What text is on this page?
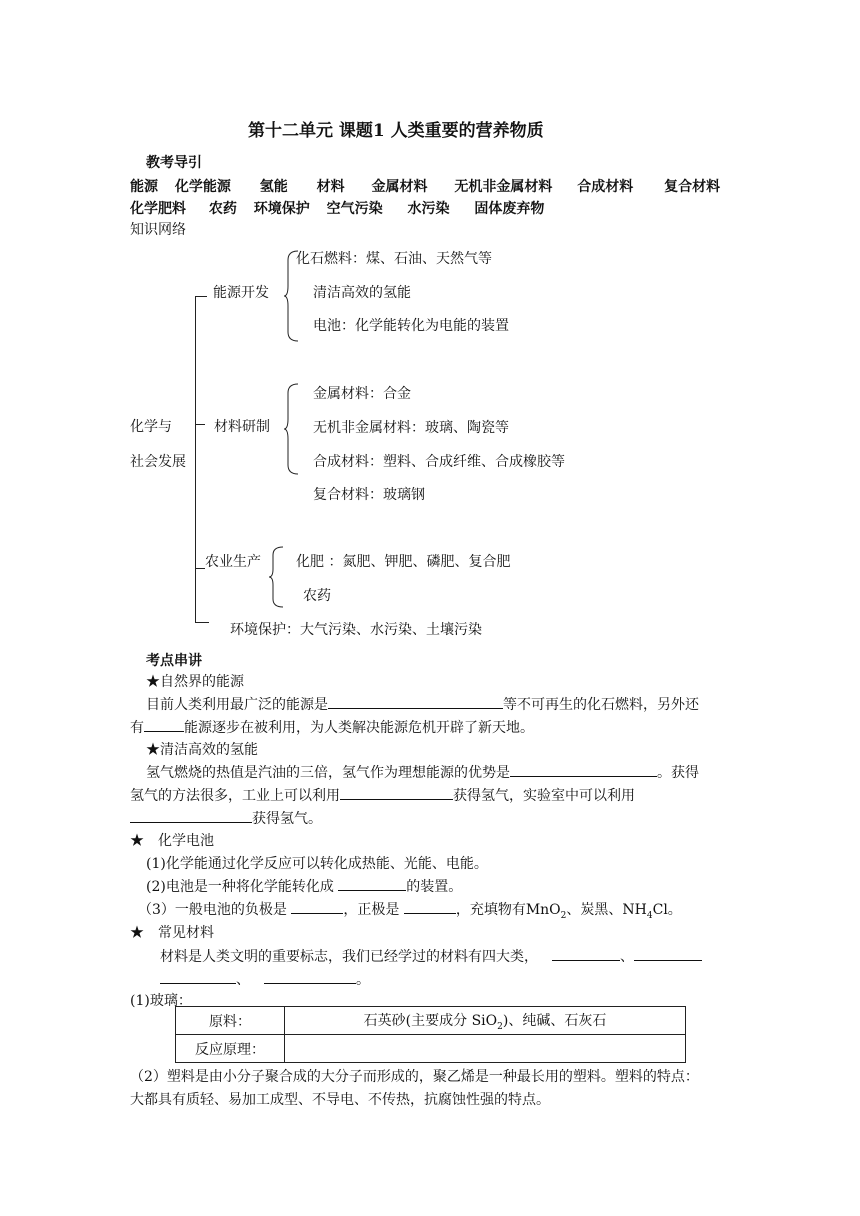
第十二单元 课题1 人类重要的营养物质
教考导引
能源 化学能源 氢能 材料 金属材料 无机非金属材料 合成材料 复合材料
化学肥料 农药 环境保护 空气污染 水污染 固体废弃物
知识网络
化学与
社会发展
能源开发
化石燃料：煤、石油、天然气等
清洁高效的氢能
电池：化学能转化为电能的装置
材料研制
金属材料：合金
无机非金属材料：玻璃、陶瓷等
合成材料：塑料、合成纤维、合成橡胶等
复合材料：玻璃钢
农业生产	化肥 ：氮肥、钾肥、磷肥、复合肥
农药
环境保护：大气污染、水污染、土壤污染
考点串讲
★自然界的能源
目前人类利用最广泛的能源是	等不可再生的化石燃料，另外还
有	能源逐步在被利用，为人类解决能源危机开辟了新天地。
★清洁高效的氢能
氢气燃烧的热值是汽油的三倍，氢气作为理想能源的优势是	。获得
氢气的方法很多，工业上可以利用	获得氢气，实验室中可以利用
获得氢气。
★　化学电池
(1)化学能通过化学反应可以转化成热能、光能、电能。
(2)电池是一种将化学能转化成	的装置。
（3）一般电池的负极是	，正极是	，充填物有MnO$_2$、炭黑、$NH_4Cl$。
★　常见材料
材料是人类文明的重要标志，我们已经学过的材料有四大类，	、
、	。
(1)玻璃：
原料：	石英砂(主要成分 SiO$_2$)、纯碱、石灰石
反应原理：	
（2）塑料是由小分子聚合成的大分子而形成的，聚乙烯是一种最长用的塑料。塑料的特点：
大都具有质轻、易加工成型、不导电、不传热，抗腐蚀性强的特点。
